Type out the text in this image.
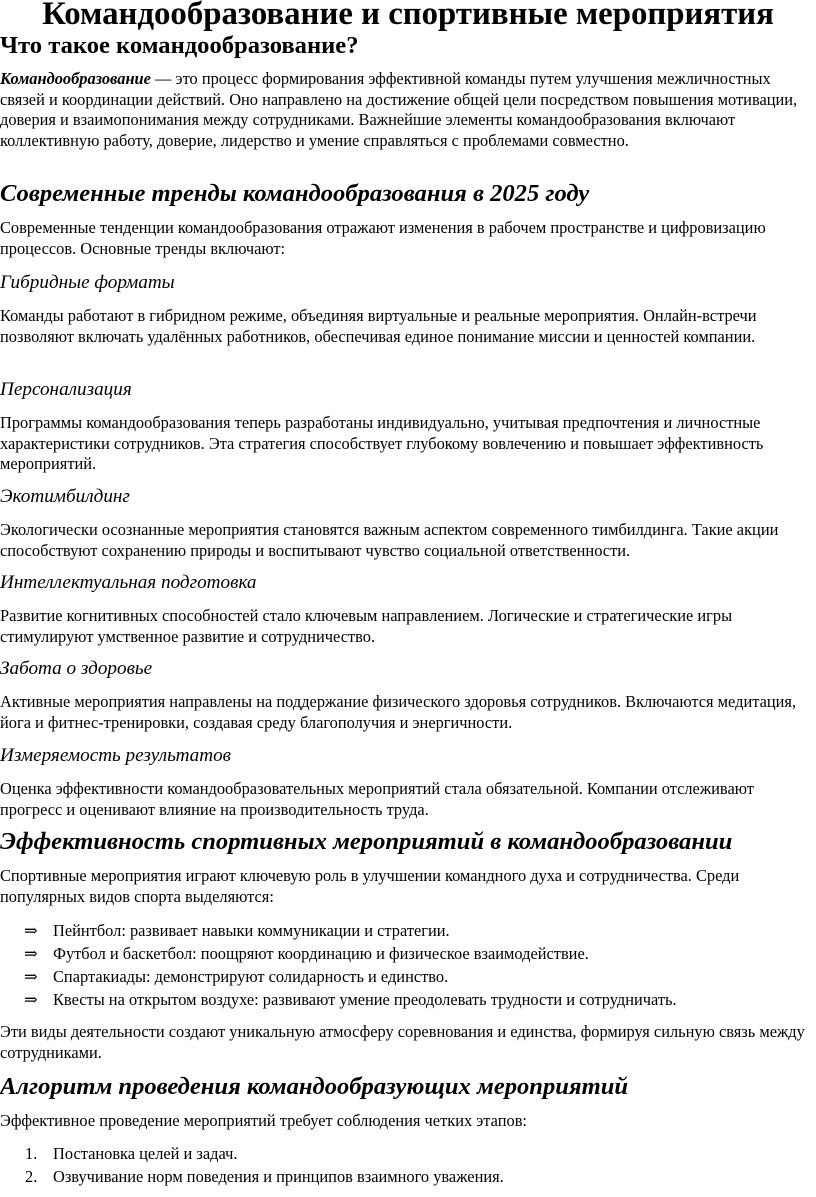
Командообразование и спортивные мероприятия
Что такое командообразование?

Командообразование — это процесс формирования эффективной команды путем улучшения межличностных связей и координации действий. Оно направлено на достижение общей цели посредством повышения мотивации, доверия и взаимопонимания между сотрудниками. Важнейшие элементы командообразования включают коллективную работу, доверие, лидерство и умение справляться с проблемами совместно.

Современные тренды командообразования в 2025 году

Современные тенденции командообразования отражают изменения в рабочем пространстве и цифровизацию процессов. Основные тренды включают:

Гибридные форматы

Команды работают в гибридном режиме, объединяя виртуальные и реальные мероприятия. Онлайн-встречи позволяют включать удалённых работников, обеспечивая единое понимание миссии и ценностей компании.

Персонализация

Программы командообразования теперь разработаны индивидуально, учитывая предпочтения и личностные характеристики сотрудников. Эта стратегия способствует глубокому вовлечению и повышает эффективность мероприятий.

Экотимбилдинг

Экологически осознанные мероприятия становятся важным аспектом современного тимбилдинга. Такие акции способствуют сохранению природы и воспитывают чувство социальной ответственности.

Интеллектуальная подготовка

Развитие когнитивных способностей стало ключевым направлением. Логические и стратегические игры стимулируют умственное развитие и сотрудничество.

Забота о здоровье

Активные мероприятия направлены на поддержание физического здоровья сотрудников. Включаются медитация, йога и фитнес-тренировки, создавая среду благополучия и энергичности.

Измеряемость результатов

Оценка эффективности командообразовательных мероприятий стала обязательной. Компании отслеживают прогресс и оценивают влияние на производительность труда.

Эффективность спортивных мероприятий в командообразовании

Спортивные мероприятия играют ключевую роль в улучшении командного духа и сотрудничества. Среди популярных видов спорта выделяются:

⇒ Пейнтбол: развивает навыки коммуникации и стратегии.
⇒ Футбол и баскетбол: поощряют координацию и физическое взаимодействие.
⇒ Спартакиады: демонстрируют солидарность и единство.
⇒ Квесты на открытом воздухе: развивают умение преодолевать трудности и сотрудничать.

Эти виды деятельности создают уникальную атмосферу соревнования и единства, формируя сильную связь между сотрудниками.

Алгоритм проведения командообразующих мероприятий

Эффективное проведение мероприятий требует соблюдения четких этапов:

1. Постановка целей и задач.
2. Озвучивание норм поведения и принципов взаимного уважения.
